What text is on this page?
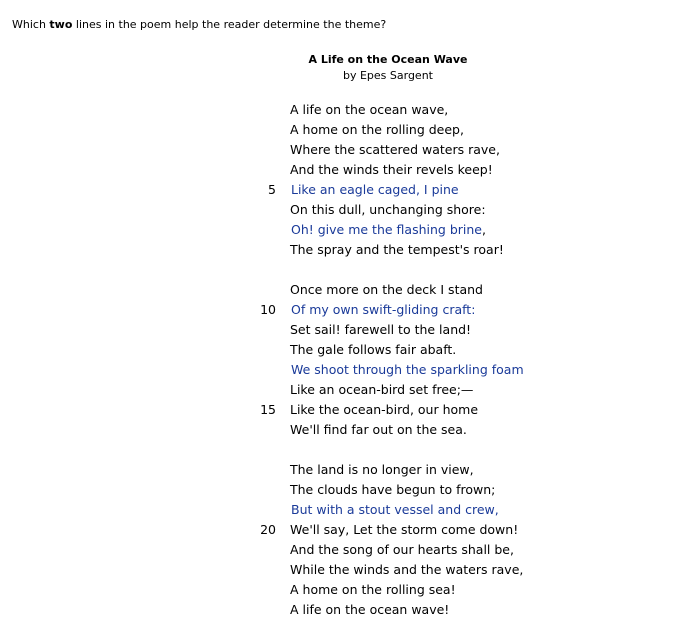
Which two lines in the poem help the reader determine the theme?
A Life on the Ocean Wave
by Epes Sargent
A life on the ocean wave,
A home on the rolling deep,
Where the scattered waters rave,
And the winds their revels keep!
5 Like an eagle caged, I pine
On this dull, unchanging shore:
Oh! give me the flashing brine,
The spray and the tempest's roar!
Once more on the deck I stand
10 Of my own swift-gliding craft:
Set sail! farewell to the land!
The gale follows fair abaft.
We shoot through the sparkling foam
Like an ocean-bird set free;—
15 Like the ocean-bird, our home
We'll find far out on the sea.
The land is no longer in view,
The clouds have begun to frown;
But with a stout vessel and crew,
20 We'll say, Let the storm come down!
And the song of our hearts shall be,
While the winds and the waters rave,
A home on the rolling sea!
A life on the ocean wave!
